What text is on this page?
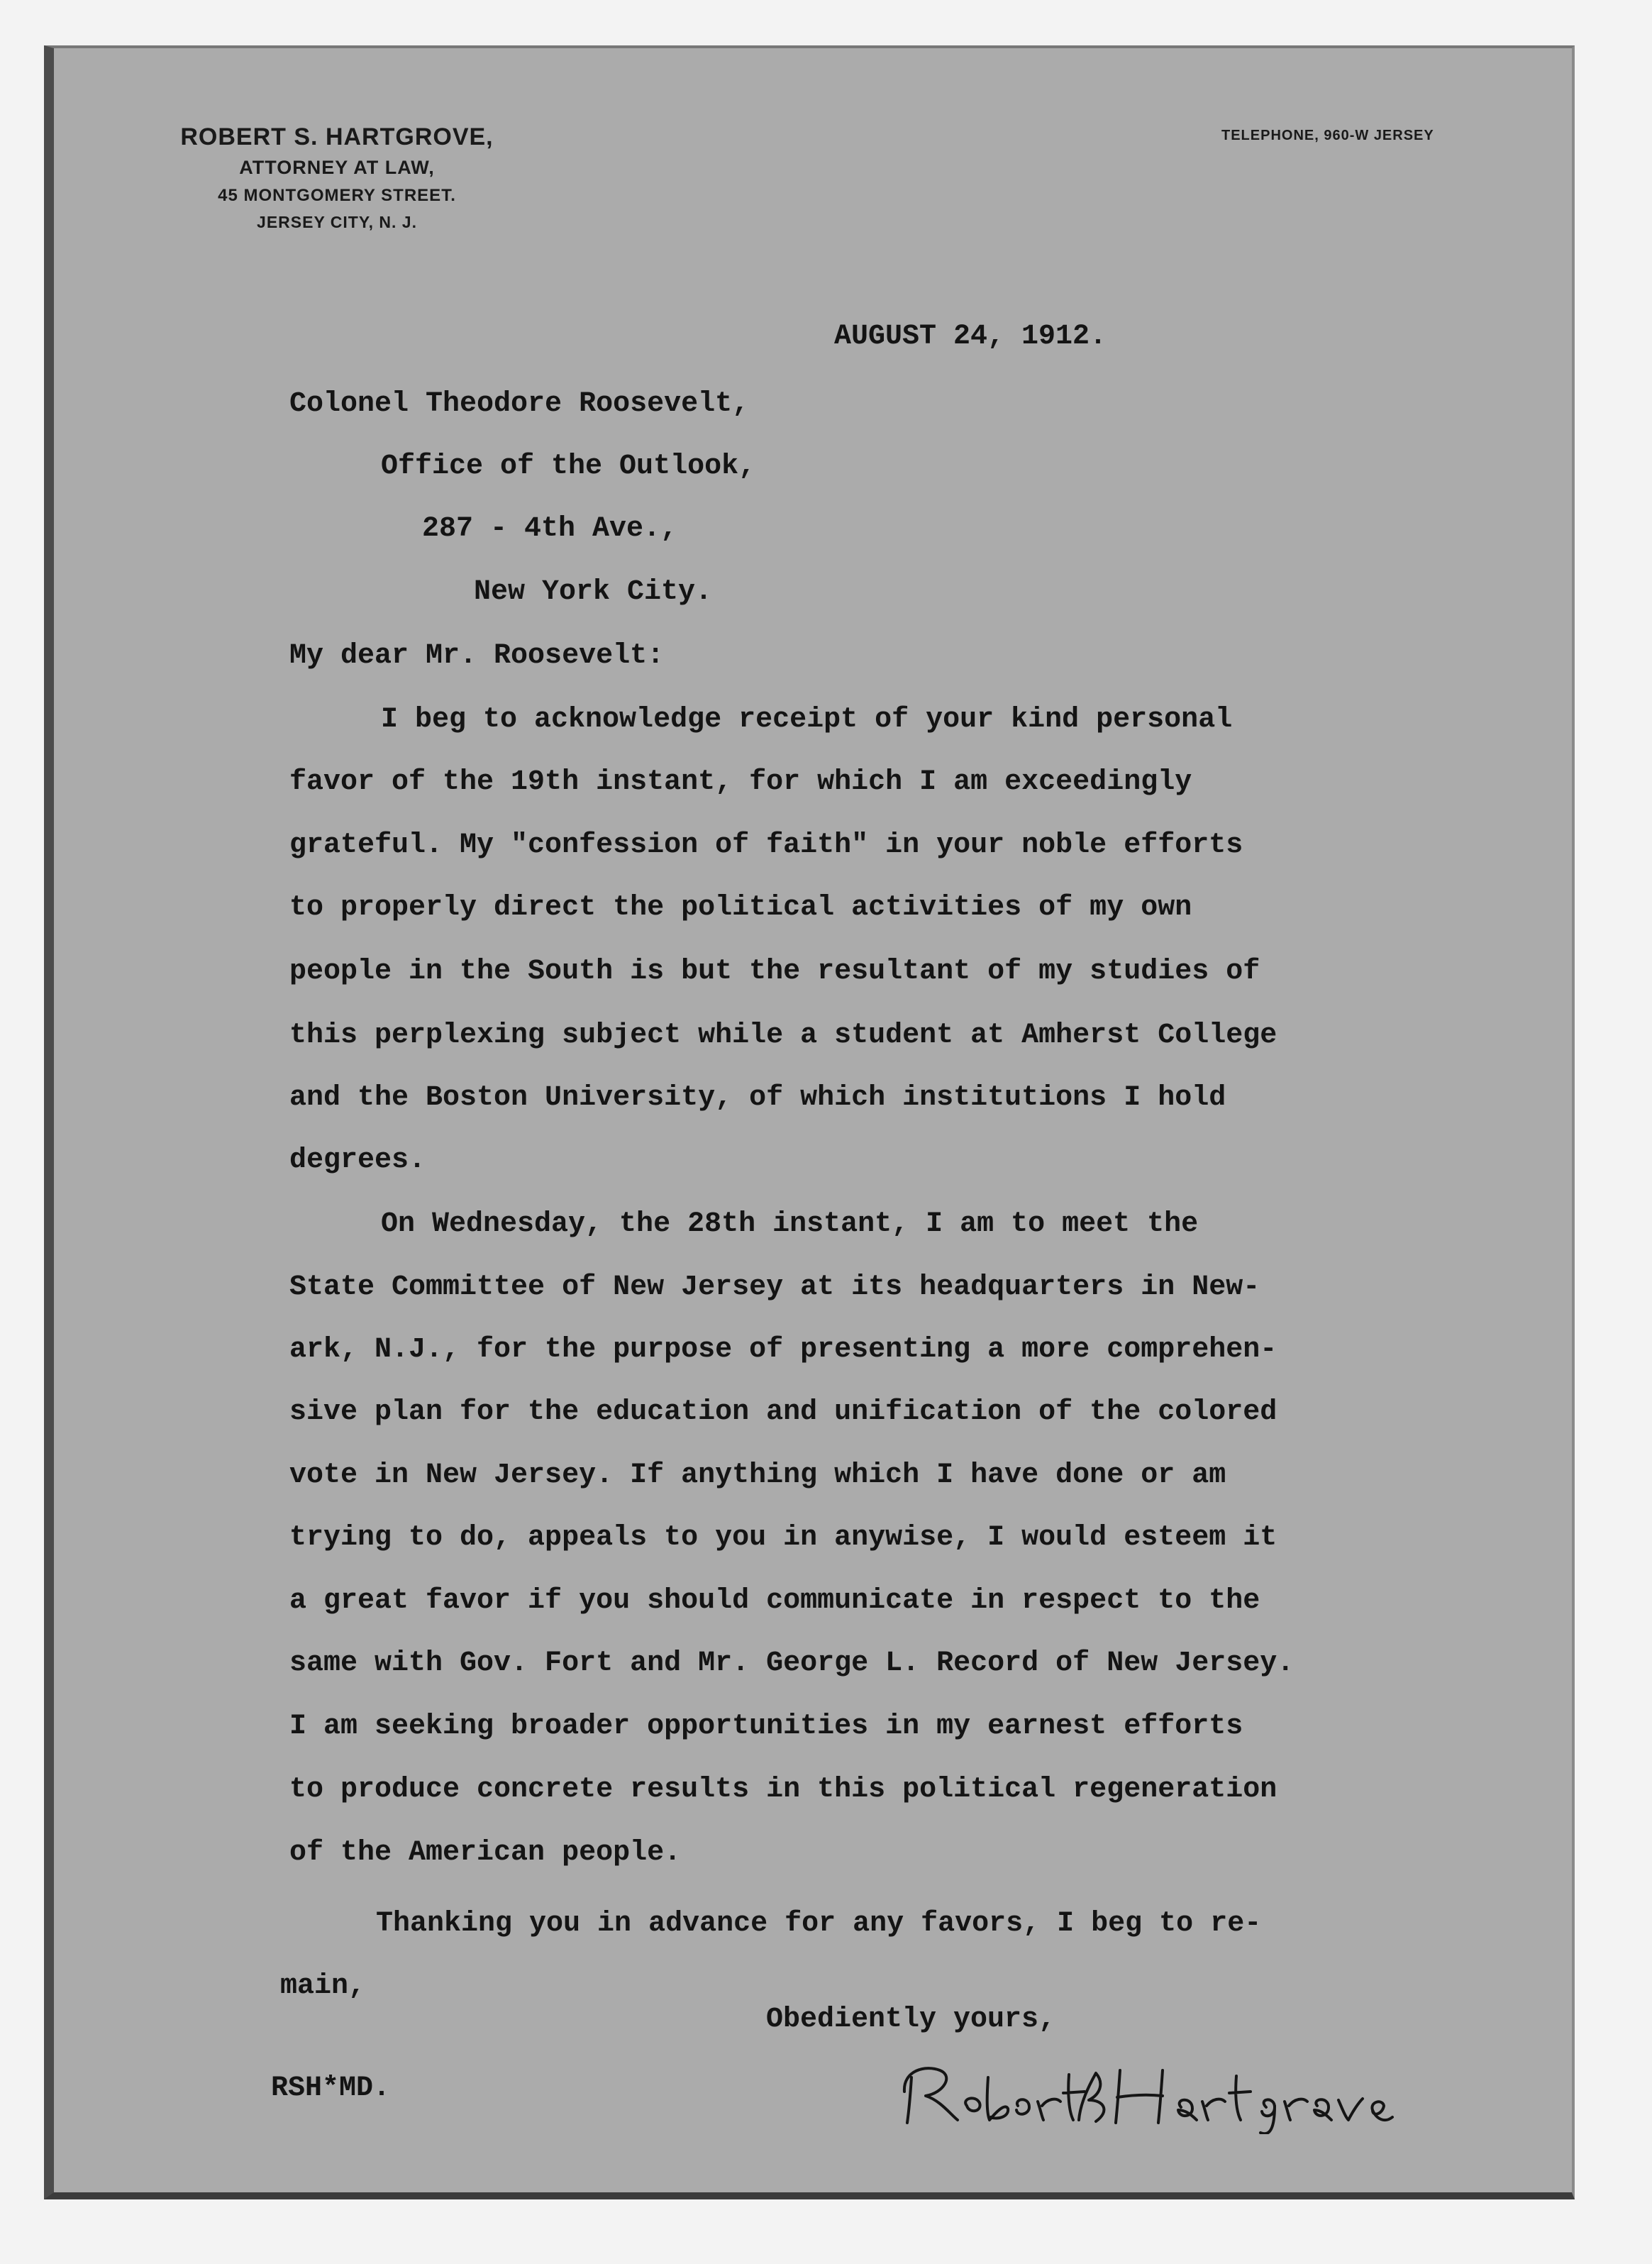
ROBERT S. HARTGROVE,
ATTORNEY AT LAW,
45 MONTGOMERY STREET.
JERSEY CITY, N. J.
TELEPHONE, 960-W JERSEY
AUGUST 24, 1912.
Colonel Theodore Roosevelt,
Office of the Outlook,
287 - 4th Ave.,
New York City.
My dear Mr. Roosevelt:
I beg to acknowledge receipt of your kind personal
favor of the 19th instant, for which I am exceedingly
grateful. My "confession of faith" in your noble efforts
to properly direct the political activities of my own
people in the South is but the resultant of my studies of
this perplexing subject while a student at Amherst College
and the Boston University, of which institutions I hold
degrees.
On Wednesday, the 28th instant, I am to meet the
State Committee of New Jersey at its headquarters in New-
ark, N.J., for the purpose of presenting a more comprehen-
sive plan for the education and unification of the colored
vote in New Jersey. If anything which I have done or am
trying to do, appeals to you in anywise, I would esteem it
a great favor if you should communicate in respect to the
same with Gov. Fort and Mr. George L. Record of New Jersey.
I am seeking broader opportunities in my earnest efforts
to produce concrete results in this political regeneration
of the American people.
Thanking you in advance for any favors, I beg to re-
main,
Obediently yours,
RSH*MD.
